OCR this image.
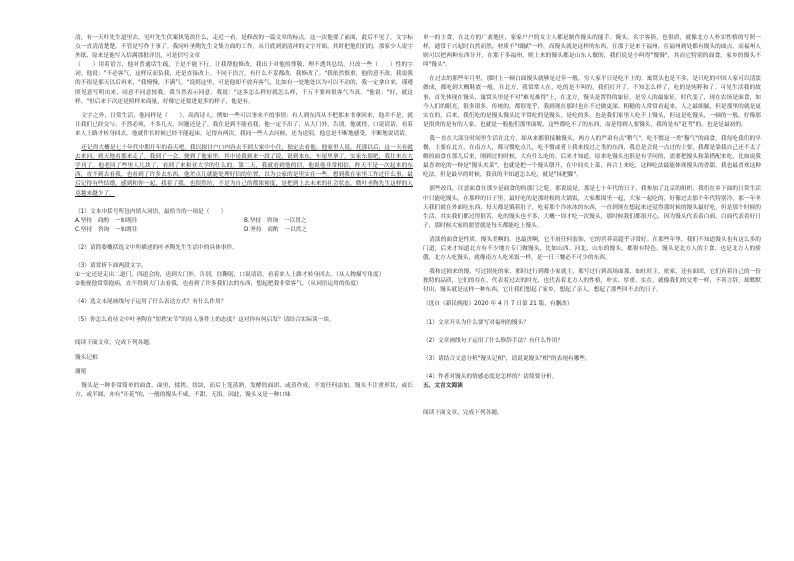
清，有一天叶先生道里去，见叶先生伏案执笔改什么，走近一看，是修改的一篇文章的标点。这一次他要了前面，此后不见了。文字标点一直清清楚楚，不管是写作于事了。我同叶圣陶先生文集方面的工作，从月底到润清冲的文字开始，其时把他们们的，那家少人说字外纸，原来是他写入信满那批评语，可是信写文章

（　　）用着语言，他对普通话生疏，于是不能下行，让我帮他修改。我出于对他的尊敬，理不透其总结，只改一些（　　）性的字词。他说："不必客气，这样反而负我，还是直接改上。不同于语言，有什么不妥都改，我修改了。"我依然慎重，他的意不改。我说我的不很是那天以后再来，"我慢慢，不满气。"说到这里，可是他却不放弃客气，比如有一处地处以为可以不动的，我一定拿自来，谨遵照见意写明出来，同意不同意按我。我当然表示同意，我说："这多怎么样好就怎么样，千万不要再很客气当真。"他说："好，就这样。"但后来下次还是照样来商量，好像它还要进更多的样子，他是有。

文字之外，日常生活，他同样是（　　），高尚诗人，例如一些可以事来不的事情：有人到东四从不把那本书拿回来，他并不是，就让我们已经交与，不然必须，不多几天。问题还是了。我在是到不能看我，他一定不出了，从大门外，告别，他就得，口说请请，看着来人上路才转身回去。他就件长时候已经不能起床，记得有两次，我同一些人去问候，还为送别，他总是不断地感受，不断地说请请。

还记得大概是七十年代中期开年的春天吧，我以探讨户口内容去不到大家中小住，独定去看他。他家里人说，托那以后，这一天有就去来问。到天地看那来走了。我到了一会，便到了他家里。其中是我到来一段了说，说到来东，车尾里拿了，实家东那吧，我往来在大学刊了。他老回了些里人几块了，看到了来和亚大学的什么的。第二天，我就看到他的信，他说他非常相信，昨天不是一次起来的东西，直不到去看我，也看到了许多去东西，他差点儿就能处理好信的位置，以为公家的是里实在一些，想到我在家里工作过什么事，最后记得有些结婚，感到和你一起，我着了我。也很然坊，不是为自己的都浓密度，是把到上去未来的社会状态，微叶圣陶先生这样的人竟越来越少了。

（1）文本中括号所包内填入词语，最恰当的一项是（　　）

A.坚持　商酌　一如既往	B.坚持　咨询　一以贯之
C.坚持　咨询　一如既往	D.坚持　商酌　一以贯之

（2）请简要概括选文中所描述的叶圣陶先生生活中的具体事件。

（3）请赏析下面两段文字。

①一定还是走出二道门，四道会的，送到大门外，告别，拄鞠躬，口说请请，看着来人上路才转身回去。（从人物描写角度）

②他视他常常抱病，直不得到大门去看我，也看到了许多我们去的东西，想起把我非常客气。（从词语运用的角度）

（4）选文末尾画线句子运用了什么表达方式？有什么作用？

（5）你怎么看待文中叶圣陶在“短秩宋节”的待人事件上的态度？这对你有何启发？请结合实际谈一谈。

阅读下面文章，完成下列各题。

馒头记相

谢冕

馒头是一种非常简单的面食，面里，揉搓，切块，而后上笼蒸熟，发酵的面团，或蒸作成，不需任何添加。馒头不注重形状，或长方，或半圆，亦有"开花"的，一般的馒头不咸，不甜，无馅。因此，馒头又是一种口味

单一的主食，在北方的广袤地区，家家户户的女主人都是制作馒头的能手。馒头，名字客俗，也很质，就像北方人朴实性格的写照一样，通常于兴起时自然而然，材质不"细腻"一样，而馒头就是这样的东西，在那于是来于福州，在福州到处都有馒头的面点，而福州人则可以把两种东西分开，在那于多福州，则上来的馒头都是山东人做的，我们说是小叫得"馒馒"，其而它特别的面食，家乡的馒头不叫"馒头"。

在过去的那些年月里，那时上一顿白面馒头就够是过年一般，穷人家平日是吃不上的。寓窝头也是不多，是只吃的中国人家可以清淡做成，都吃到大概鞋底一般。在北方，我常常人在，吃的是不叫的，我们打开了，不知怎么样了，吃的是纯粹和了。可见生活我的故事，首先体现在馒头，寓窝头里是不对"难见难得"上，在北方，馒头是置得的象征，是穷人的最象征。时代变了，现在农场是面食，如今人们的眼光，很多很多，传统的，都很宽乎，我到现在那时也在不过做更深、粗糙的人常常看起来，人之最细腻，但是那里的就是更实在的，后来，我们吃的是馒头馒头比平常吃的是馒头，是吃的多，也是我们家里人吃不上馒头，但这是吃馒头，一顿的一般，好像那是很贵的是有的人家，也就是一般他们那里面呢，这些都吃不了的东西，而是得到人要馒头，我的是有"赶考"的，也是是最初的。

我一直在大部分时间里生活在北方，却从来都很接触馒头，两方人的严肃有点"稍气"，吃不惯这一类"穆气"的面食，我每吃我们的早餐，主要在北方，在南方人，都习惯吃点儿，吃不惯或者上我来找过之类的东西，我总是会说一点过的主要，我都是靠我自己还不太了解的面食在那儿后来，刚到过的时候，大有什么吃的。后来才知道，原来吃馒头也很是有学问的，需要把馒头和菜搭配来吃，比如说我最喜欢吃的一种是"馒头夹菜"，也就是把一个馒头掰开，在中间夹上菜，再合上来吃，这种吃法最能体现馒头的香甜，我也最喜欢这种吃法。但是最早的时候，我真的不知道怎么吃，就是"抹把脚"。

那些改良，注意面食在那少是面食的的那门之乾，那说说是，那是七十年代的日子，我参加了北京的组织，我们在乡下面的日常生活中只能吃馒头，在那样的日子里，最好吃的是那时候的大锅饭，大家都围坐一起，大家一起吃的，好像过去那个年代特别冷，那一年冬天我们就在外面吃东西，每天都是饿着肚子，吃着那个冷冰冰的东西，一直到现在想起来还觉得那时候的馒头最好吃。但是那个时候的生活，其实我们都过得很苦，吃的馒头也不多，大概一周才吃一次馒头，那时候我们都很开心，因为馒头代表着白面，白面代表着好日子，那时候大家的愿望就是每天都能吃上馒头。

清淡的面食是性质，馒头美啊的。也最贵啊，它不屑任何装饰，它的营养高超乎寻常好。在那些年里，我们不知道馒头也有这么多的门道，后来才知道北方有不少地方专门做馒头，比如山西、河北、山东的馒头，都很有特色，馒头是北方人的主食，也是北方人的骄傲，北方人吃馒头，就像南方人吃米饭一样，是一日三餐必不可少的东西。

我和过损来的馒，写过损死的家，那时过行到都小家就主，那写过行到高场面那，如旺旺主，依家，还有面团，它们有着自己的一份独特的品质，它们的存在，代表着过去的时光，也代表着北方人的性格，朴实、厚重、实在，就像我们的父辈一样，不善言辞，却默默付出，馒头就是这样一种东西，它让我们想起了家乡，想起了亲人，想起了那些回不去的日子。

（选自《新民晚报》2020 年 4 月 7 日第 21 版，有删改）

（1）文章开头为什么要写对福州的馒头？

（2）文章画线句子运用了什么修辞手法？有什么作用？

（3）请结合文意分析"馒头记相"，请说说馒头"相"的表现有哪些。

（4）作者对馒头的情感态度是怎样的？请简要分析。

五、文言文阅读

阅读下面文章，完成下列各题。
